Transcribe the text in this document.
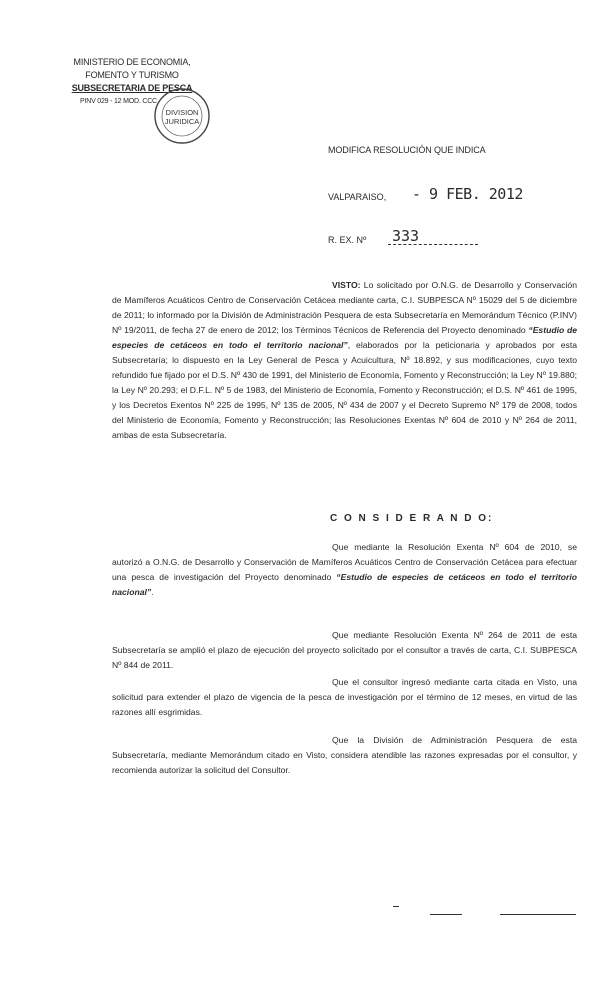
MINISTERIO DE ECONOMIA,
FOMENTO Y TURISMO
SUBSECRETARIA DE PESCA
PINV 029 - 12 MOD. CCC
DIVISION
JURIDICA
MODIFICA RESOLUCIÓN QUE INDICA
VALPARAISO, - 9 FEB. 2012
R. EX. Nº 333

VISTO: Lo solicitado por O.N.G. de Desarrollo y Conservación de Mamíferos Acuáticos Centro de Conservación Cetácea mediante carta, C.I. SUBPESCA Nº 15029 del 5 de diciembre de 2011; lo informado por la División de Administración Pesquera de esta Subsecretaría en Memorándum Técnico (P.INV) Nº 19/2011, de fecha 27 de enero de 2012; los Términos Técnicos de Referencia del Proyecto denominado “Estudio de especies de cetáceos en todo el territorio nacional”, elaborados por la peticionaria y aprobados por esta Subsecretaría; lo dispuesto en la Ley General de Pesca y Acuicultura, Nº 18.892, y sus modificaciones, cuyo texto refundido fue fijado por el D.S. Nº 430 de 1991, del Ministerio de Economía, Fomento y Reconstrucción; la Ley Nº 19.880; la Ley Nº 20.293; el D.F.L. Nº 5 de 1983, del Ministerio de Economía, Fomento y Reconstrucción; el D.S. Nº 461 de 1995, y los Decretos Exentos Nº 225 de 1995, Nº 135 de 2005, Nº 434 de 2007 y el Decreto Supremo Nº 179 de 2008, todos del Ministerio de Economía, Fomento y Reconstrucción; las Resoluciones Exentas Nº 604 de 2010 y Nº 264 de 2011, ambas de esta Subsecretaría.

C O N S I D E R A N D O:

Que mediante la Resolución Exenta Nº 604 de 2010, se autorizó a O.N.G. de Desarrollo y Conservación de Mamíferos Acuáticos Centro de Conservación Cetácea para efectuar una pesca de investigación del Proyecto denominado “Estudio de especies de cetáceos en todo el territorio nacional”.

Que mediante Resolución Exenta Nº 264 de 2011 de esta Subsecretaría se amplió el plazo de ejecución del proyecto solicitado por el consultor a través de carta, C.I. SUBPESCA Nº 844 de 2011.

Que el consultor ingresó mediante carta citada en Visto, una solicitud para extender el plazo de vigencia de la pesca de investigación por el término de 12 meses, en virtud de las razones allí esgrimidas.

Que la División de Administración Pesquera de esta Subsecretaría, mediante Memorándum citado en Visto, considera atendible las razones expresadas por el consultor, y recomienda autorizar la solicitud del Consultor.
